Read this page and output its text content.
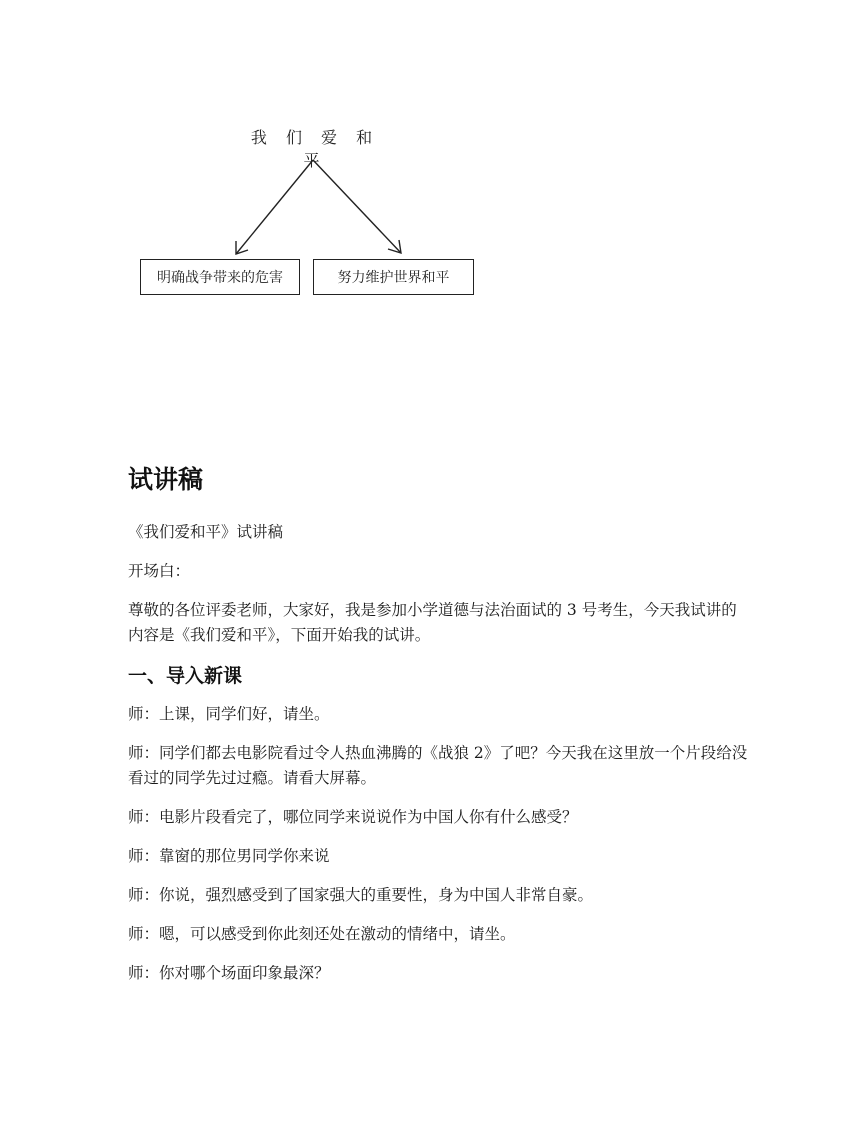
我 们 爱 和 平
明确战争带来的危害	努力维护世界和平
试讲稿
《我们爱和平》试讲稿
开场白：
尊敬的各位评委老师，大家好，我是参加小学道德与法治面试的 3 号考生，今天我试讲的内容是《我们爱和平》，下面开始我的试讲。
一、导入新课
师：上课，同学们好，请坐。
师：同学们都去电影院看过令人热血沸腾的《战狼 2》了吧？今天我在这里放一个片段给没看过的同学先过过瘾。请看大屏幕。
师：电影片段看完了，哪位同学来说说作为中国人你有什么感受？
师：靠窗的那位男同学你来说
师：你说，强烈感受到了国家强大的重要性，身为中国人非常自豪。
师：嗯，可以感受到你此刻还处在激动的情绪中，请坐。
师：你对哪个场面印象最深？
